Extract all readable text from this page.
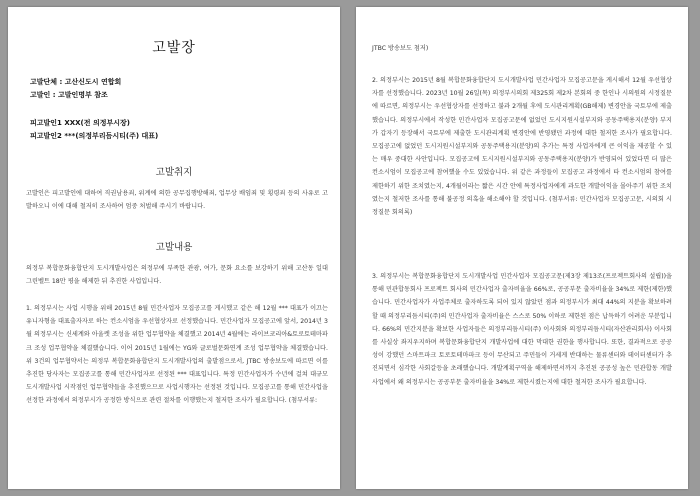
고발장
고발단체 : 고산신도시 연합회
고발인 : 고발인명부 참조
피고발인1 XXX(전 의정부시장)
피고발인2 ***(의정부리듬시티(주) 대표)
고발취지
고발인은 피고발인에 대하여 직권남용죄, 위계에 의한 공무집행방해죄, 업무상 배임죄 및 횡령죄 등의 사유로 고발하오니 이에 대해 철저히 조사하여 엄중 처벌해 주시기 바랍니다.
고발내용
의정부 복합문화융합단지 도시개발사업은 의정부에 부족한 관광, 여가, 문화 요소를 보강하기 위해 고산동 일대 그린벨트 18만 평을 해제한 뒤 추진한 사업입니다.
1. 의정부시는 사업 시행을 위해 2015년 8월 민간사업자 모집공고를 게시했고 같은 해 12월 *** 대표가 이끄는 유니자형을 대표출자자로 하는 컨소시엄을 우선협상자로 선정했습니다. 민간사업자 모집공고에 앞서, 2014년 3월 의정부시는 신세계와 아울렛 조성을 위한 업무협약을 체결했고 2014년 4월에는 라이브코리아&토로토테마파크 조성 업무협약을 체결했습니다. 이어 2015년 1월에는 YG와 글로벌문화연계 조성 업무협약을 체결했습니다. 위 3건의 업무협약서는 의정부 복합문화융합단지 도시개발사업의 출발점으로서, JTBC 방송보도에 따르면 이를 추진한 당사자는 모집공고를 통해 민간사업자로 선정된 *** 대표입니다. 특정 민간사업자가 수년에 걸쳐 대규모 도시개발사업 시작점인 업무협약들을 추진했으므로 사업시행자는 선정된 것입니다. 모집공고를 통해 민간사업을 선정한 과정에서 의정부시가 공정한 방식으로 관련 절차를 이행했는지 철저한 조사가 필요합니다. (첨부서류:
JTBC 방송보도 첨저)
2. 의정부시는 2015년 8월 복합문화융합단지 도시개발사업 민간사업자 모집공고문을 게시해서 12월 우선협상자를 선정했습니다. 2023년 10월 26일(목) 의정부시의회 제325회 제2차 본회의 중 한인나 시의원의 시정질문에 따르면, 의정부시는 우선협상자를 선정하고 불과 2개월 후에 도시관리계획(GB해제) 변경안을 국토부에 제출했습니다. 의정부시에서 작성한 민간사업자 모집공고문에 없었던 도시지원시설부지와 공동주택용지(분양) 부지가 갑자기 등장해서 국토부에 제출한 도시관리계획 변경안에 반영됐던 과정에 대한 철저한 조사가 필요합니다. 모집공고에 없었던 도시지원시설부지와 공동주택용지(분양)의 추가는 특정 사업자에게 큰 이익을 제공할 수 있는 매우 중대한 사안입니다. 모집공고에 도시지원시설부지와 공동주택용지(분양)가 반영되어 있었다면 더 많은 컨소시엄이 모집공고에 참여했을 수도 있었습니다. 위 같은 과정들이 모집공고 과정에서 타 컨소시엄의 참여를 제한하기 위한 조치였는지, 4개월이라는 짧은 시간 안에 특정사업자에게 과도한 개발이익을 몰아주기 위한 조치였는지 철저한 조사를 통해 불공정 의혹을 해소해야 할 것입니다. (첨부서류: 민간사업자 모집공고문, 시의회 시정질문 회의록)
3. 의정부시는 복합문화융합단지 도시개발사업 민간사업자 모집공고문(제3장 제13조(프로젝트회사의 설립))을 통해 민관합동회사 프로젝트 회사의 민간사업자 출자비율을 66%로, 공공부문 출자비율을 34%로 제한(제한)했습니다. 민간사업자가 사업주체로 출자하도록 되어 있지 않았던 점과 의정부시가 최대 44%의 지분을 확보하려 할 때 의정부리듬시티(주)의 민간사업자 출자비율은 스스로 50% 이하로 제한된 점은 납득하기 어려운 부분입니다. 66%의 민간지분을 확보한 사업자들은 의정부리듬시티(주) 이사회와 의정부리듬시티(자산관리회사) 이사회를 사실상 좌지우지하며 복합문화융합단지 개발사업에 대한 막대한 권한을 행사합니다. 또한, 결과적으로 공공성이 강했던 스마트파크 토로토테마파크 등이 무산되고 주민들이 거세게 반대하는 물류센터와 데이터센터가 추진되면서 심각한 사회갈등을 초래했습니다. 개발계획구역을 해제하면서까지 추진된 공공성 높은 민관합동 개발사업에서 왜 의정부시는 공공부문 출자비율을 34%로 제한시켰는지에 대한 철저한 조사가 필요합니다.
